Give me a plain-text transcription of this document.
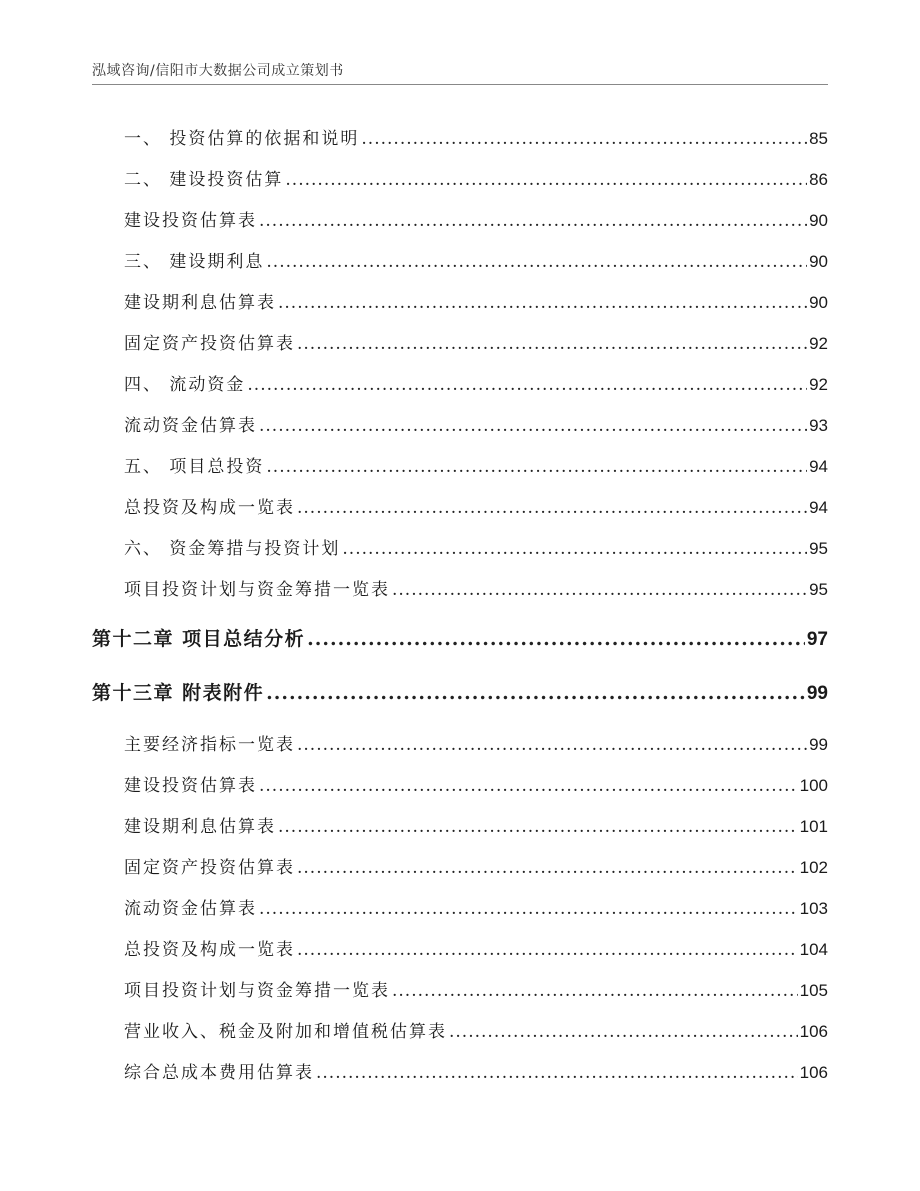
泓域咨询/信阳市大数据公司成立策划书
一、 投资估算的依据和说明 .....	85
二、 建设投资估算 .....	86
建设投资估算表 .....	90
三、 建设期利息 .....	90
建设期利息估算表 .....	90
固定资产投资估算表 .....	92
四、 流动资金 .....	92
流动资金估算表 .....	93
五、 项目总投资 .....	94
总投资及构成一览表 .....	94
六、 资金筹措与投资计划 .....	95
项目投资计划与资金筹措一览表 .....	95
第十二章 项目总结分析 .....	97
第十三章 附表附件 .....	99
主要经济指标一览表 .....	99
建设投资估算表 .....	100
建设期利息估算表 .....	101
固定资产投资估算表 .....	102
流动资金估算表 .....	103
总投资及构成一览表 .....	104
项目投资计划与资金筹措一览表 .....	105
营业收入、税金及附加和增值税估算表 .....	106
综合总成本费用估算表 .....	106
